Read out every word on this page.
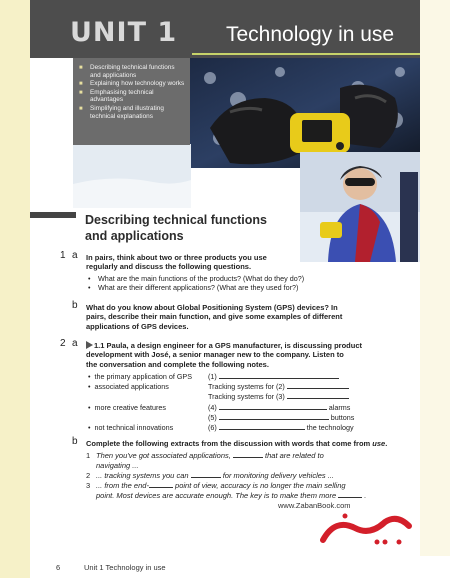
UNIT 1 Technology in use
■ Describing technical functions and applications
■ Explaining how technology works
■ Emphasising technical advantages
■ Simplifying and illustrating technical explanations
Describing technical functions
and applications
1 a In pairs, think about two or three products you use
regularly and discuss the following questions.
• What are the main functions of the products? (What do they do?)
• What are their different applications? (What are they used for?)
b What do you know about Global Positioning System (GPS) devices? In
pairs, describe their main function, and give some examples of different
applications of GPS devices.
2 a	1.1 Paula, a design engineer for a GPS manufacturer, is discussing product
development with José, a senior manager new to the company. Listen to
the conversation and complete the following notes.
•  the primary application of GPS (1)
•  associated applications	Tracking systems for (2)
Tracking systems for (3)
•  more creative features	(4)	alarms
(5)	buttons
•  not technical innovations	(6)	the technology
b Complete the following extracts from the discussion with words that come from use.
1 Then you've got associated applications,	that are related to
navigating ...
2 ... tracking systems you can	for monitoring delivery vehicles ...
3 ... from the end-	point of view, accuracy is no longer the main selling
point. Most devices are accurate enough. The key is to make them more	.
www.ZabanBook.com
6	Unit 1 Technology in use
